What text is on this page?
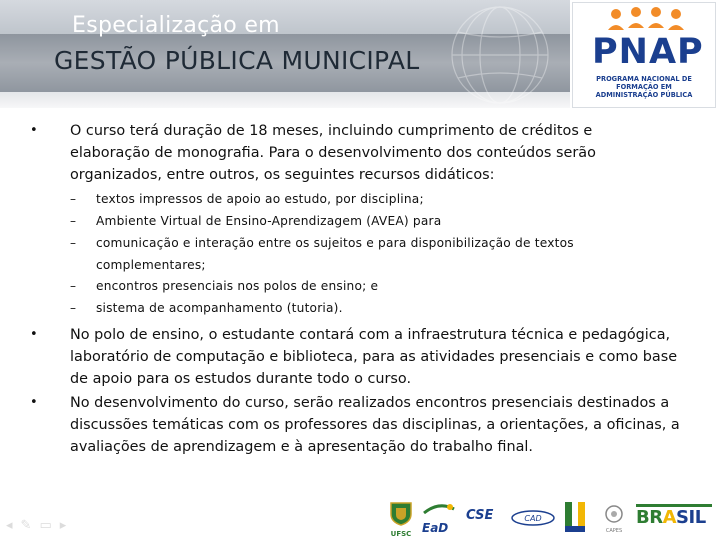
Especialização em
GESTÃO PÚBLICA MUNICIPAL	PNAP
PROGRAMA NACIONAL DE FORMAÇÃO EM ADMINISTRAÇÃO PÚBLICA
•	O curso terá duração de 18 meses, incluindo cumprimento de créditos e elaboração de monografia. Para o desenvolvimento dos conteúdos serão organizados, entre outros, os seguintes recursos didáticos:
–	textos impressos de apoio ao estudo, por disciplina;
–	Ambiente Virtual de Ensino-Aprendizagem (AVEA) para
–	comunicação e interação entre os sujeitos e para disponibilização de textos complementares;
–	encontros presenciais nos polos de ensino; e
–	sistema de acompanhamento (tutoria).
•	No polo de ensino, o estudante contará com a infraestrutura técnica e pedagógica, laboratório de computação e biblioteca, para as atividades presenciais e como base de apoio para os estudos durante todo o curso.
•	No desenvolvimento do curso, serão realizados encontros presenciais destinados a discussões temáticas com os professores das disciplinas, a orientações, a oficinas, a avaliações de aprendizagem e à apresentação do trabalho final.
◂ ✎ ▭ ▸
UFSC EaD
CSE	CAD
CAPES
BRASIL
